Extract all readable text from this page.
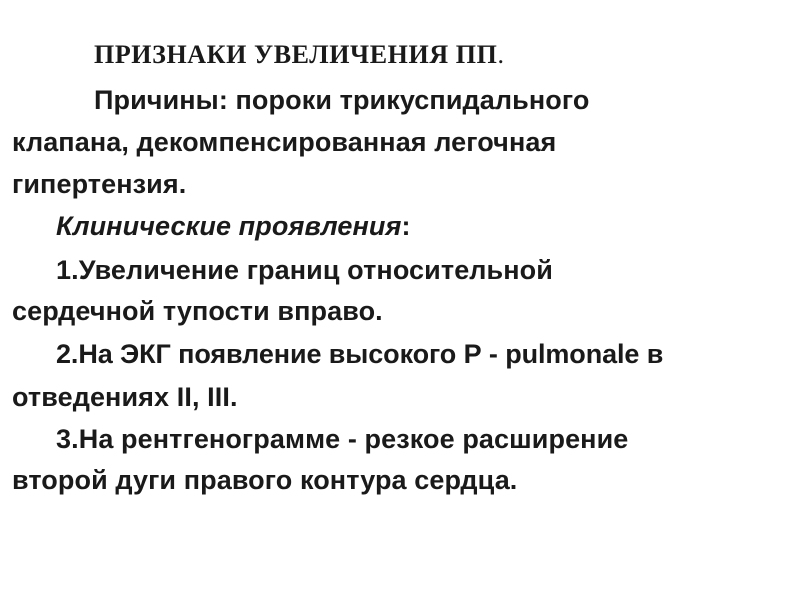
ПРИЗНАКИ УВЕЛИЧЕНИЯ ПП.
Причины: пороки трикуспидального
клапана, декомпенсированная легочная
гипертензия.
Клинические проявления:
1.Увеличение границ относительной
сердечной тупости вправо.
2.На ЭКГ появление высокого Р - pulmonale в
отведениях II, III.
3.На рентгенограмме - резкое расширение
второй дуги правого контура сердца.
